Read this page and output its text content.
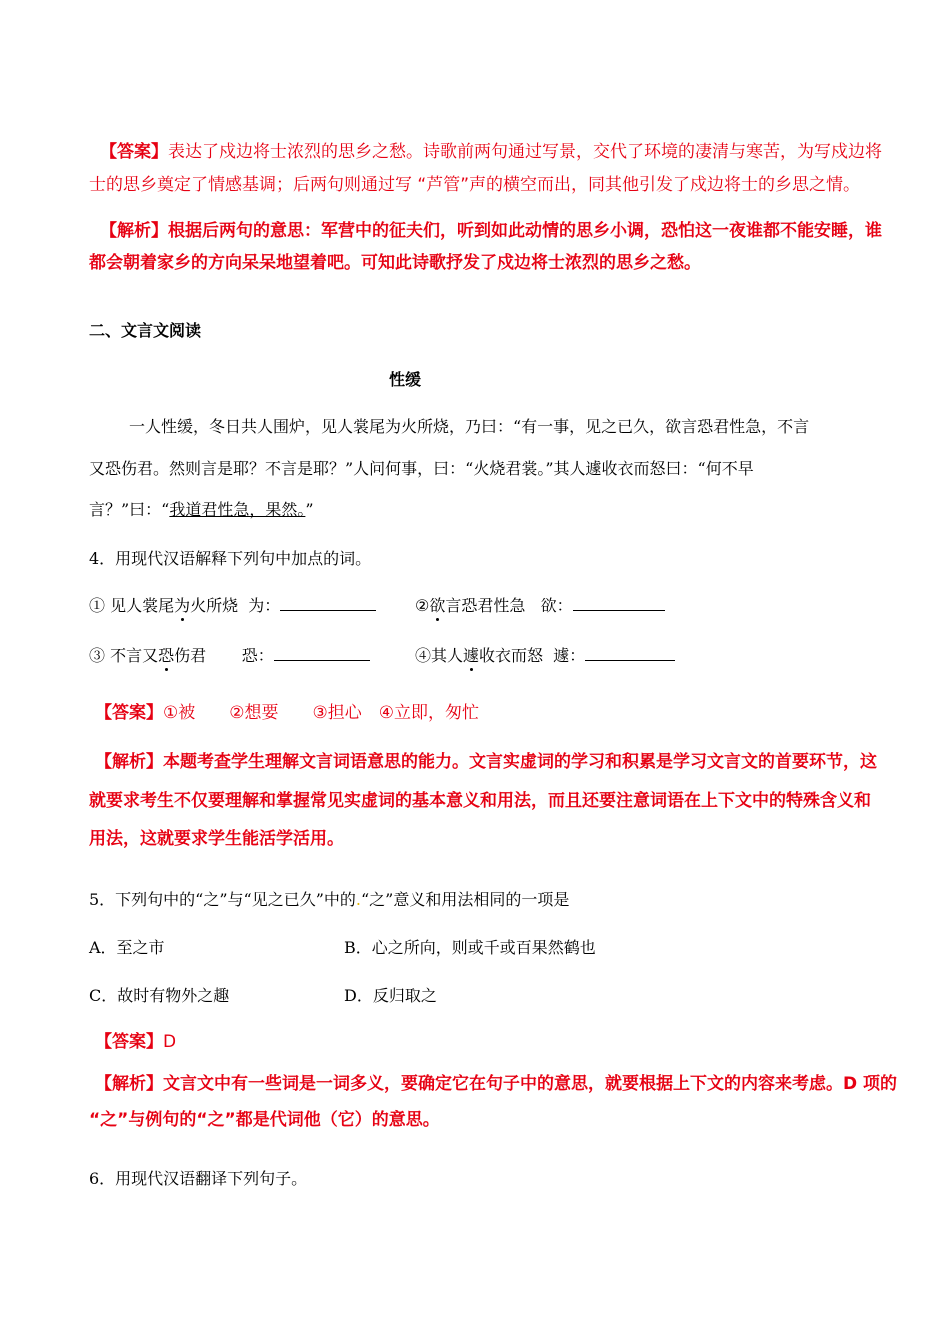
【答案】表达了戍边将士浓烈的思乡之愁。诗歌前两句通过写景，交代了环境的凄清与寒苦，为写戍边将
士的思乡奠定了情感基调；后两句则通过写 “芦管”声的横空而出，同其他引发了戍边将士的乡思之情。
【解析】根据后两句的意思：军营中的征夫们，听到如此动情的思乡小调，恐怕这一夜谁都不能安睡，谁
都会朝着家乡的方向呆呆地望着吧。可知此诗歌抒发了戍边将士浓烈的思乡之愁。
二、文言文阅读
性缓
一人性缓，冬日共人围炉，见人裳尾为火所烧，乃曰：“有一事，见之已久，欲言恐君性急，不言
又恐伤君。然则言是耶？不言是耶？”人问何事，曰：“火烧君裳。”其人遽收衣而怒曰：“何不早
言？”曰：“我道君性急，果然。”
4．用现代汉语解释下列句中加点的词。
① 见人裳尾为火所烧 为：	②欲言恐君性急 欲：
③ 不言又恐伤君 恐：	④其人遽收衣而怒 遽：
【答案】①被　　②想要　　③担心　④立即，匆忙
【解析】本题考查学生理解文言词语意思的能力。文言实虚词的学习和积累是学习文言文的首要环节，这
就要求考生不仅要理解和掌握常见实虚词的基本意义和用法，而且还要注意词语在上下文中的特殊含义和
用法，这就要求学生能活学活用。
5．下列句中的“之”与“见之已久”中的.“之”意义和用法相同的一项是
A．至之市	B．心之所向，则或千或百果然鹤也
C．故时有物外之趣	D．反归取之
【答案】D
【解析】文言文中有一些词是一词多义，要确定它在句子中的意思，就要根据上下文的内容来考虑。D 项的
“之”与例句的“之”都是代词他（它）的意思。
6．用现代汉语翻译下列句子。
